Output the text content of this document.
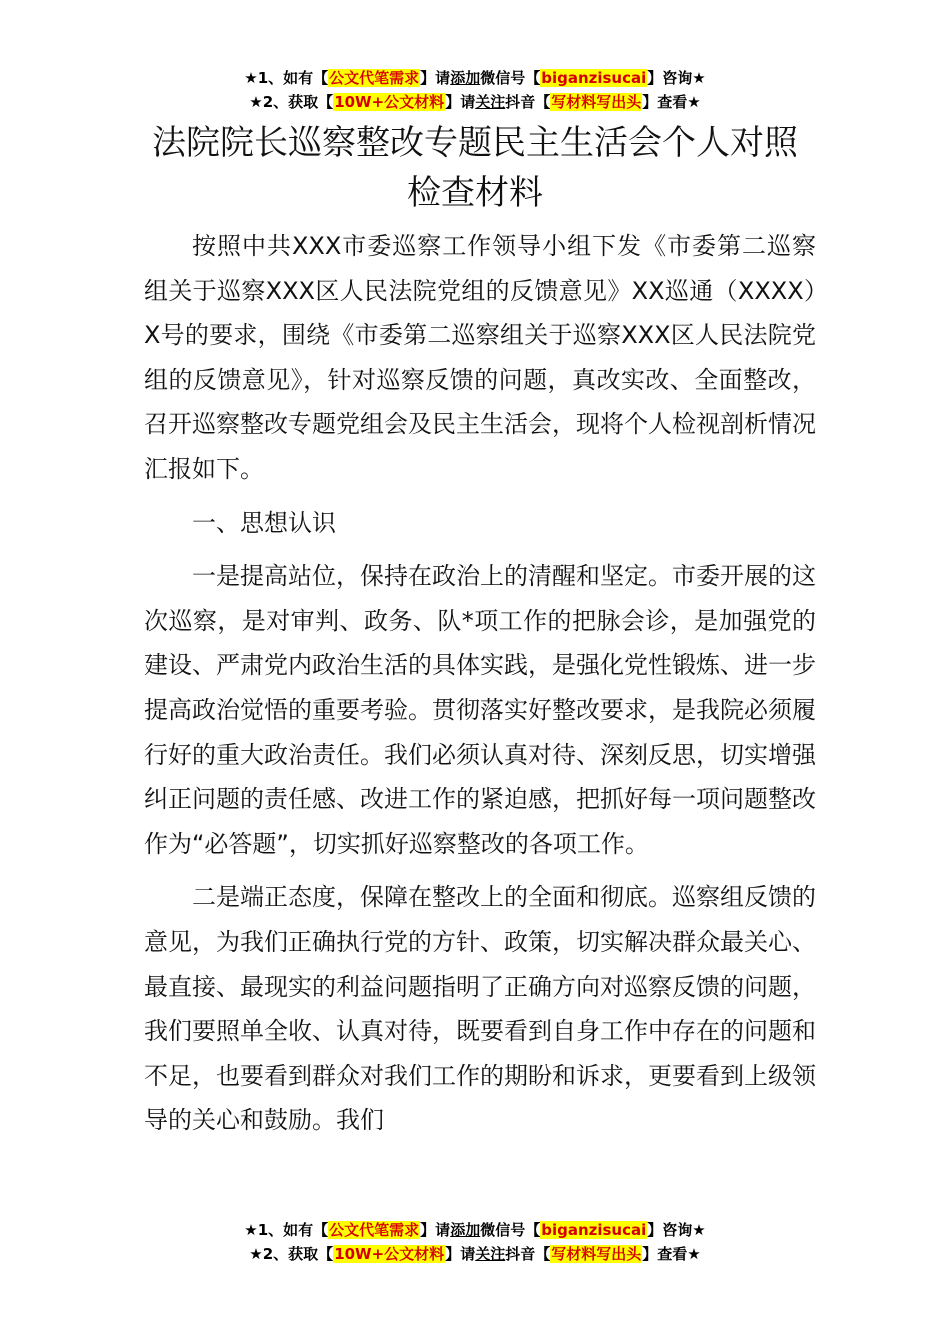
★1、如有【公文代笔需求】请添加微信号【biganzisucai】咨询★
★2、获取【10W+公文材料】请关注抖音【写材料写出头】查看★
法院院长巡察整改专题民主生活会个人对照
检查材料

按照中共XXX市委巡察工作领导小组下发《市委第二巡察组关于巡察XXX区人民法院党组的反馈意见》XX巡通（XXXX）X号的要求，围绕《市委第二巡察组关于巡察XXX区人民法院党组的反馈意见》，针对巡察反馈的问题，真改实改、全面整改，召开巡察整改专题党组会及民主生活会，现将个人检视剖析情况汇报如下。

一、思想认识

一是提高站位，保持在政治上的清醒和坚定。市委开展的这次巡察，是对审判、政务、队*项工作的把脉会诊，是加强党的建设、严肃党内政治生活的具体实践，是强化党性锻炼、进一步提高政治觉悟的重要考验。贯彻落实好整改要求，是我院必须履行好的重大政治责任。我们必须认真对待、深刻反思，切实增强纠正问题的责任感、改进工作的紧迫感，把抓好每一项问题整改作为“必答题”，切实抓好巡察整改的各项工作。

二是端正态度，保障在整改上的全面和彻底。巡察组反馈的意见，为我们正确执行党的方针、政策，切实解决群众最关心、最直接、最现实的利益问题指明了正确方向对巡察反馈的问题，我们要照单全收、认真对待，既要看到自身工作中存在的问题和不足，也要看到群众对我们工作的期盼和诉求，更要看到上级领导的关心和鼓励。我们

★1、如有【公文代笔需求】请添加微信号【biganzisucai】咨询★
★2、获取【10W+公文材料】请关注抖音【写材料写出头】查看★
